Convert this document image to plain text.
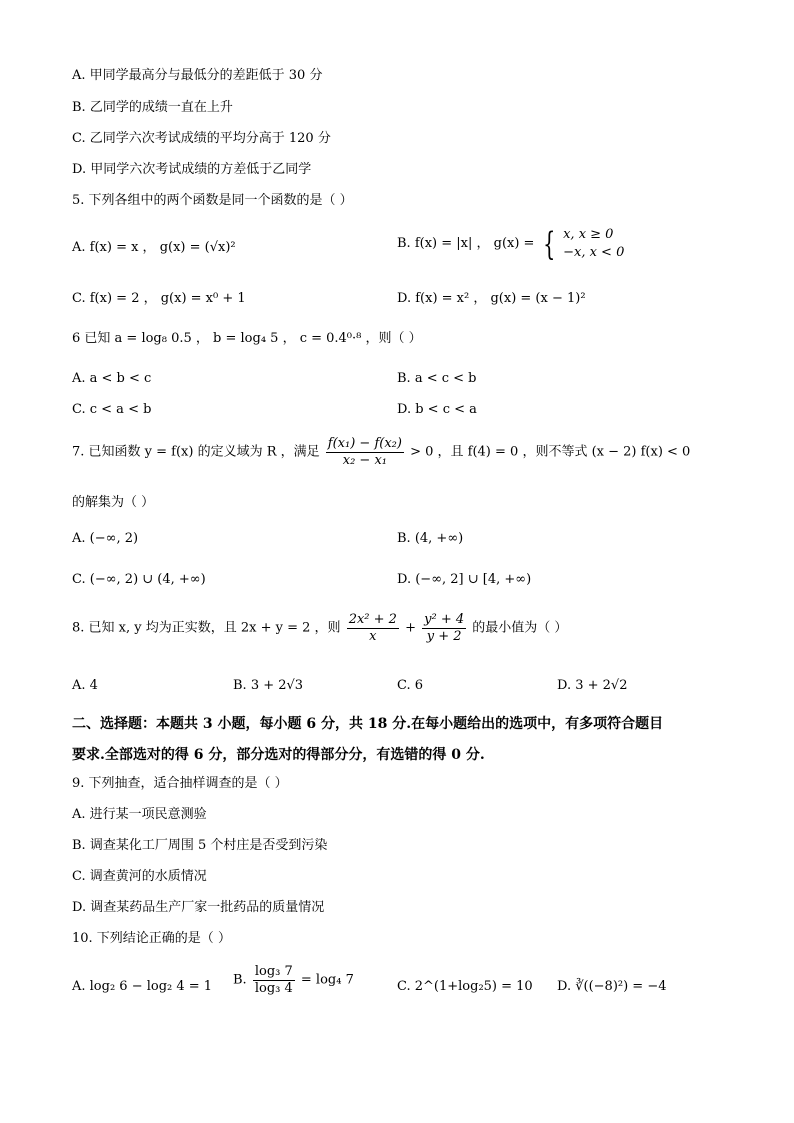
A. 甲同学最高分与最低分的差距低于 30 分
B. 乙同学的成绩一直在上升
C. 乙同学六次考试成绩的平均分高于 120 分
D. 甲同学六次考试成绩的方差低于乙同学
5. 下列各组中的两个函数是同一个函数的是（ ）
A. f(x) = x ， g(x) = (√x)²	B. f(x) = |x| ， g(x) = { x, x ≥ 0
−x, x < 0
C. f(x) = 2 ， g(x) = x⁰ + 1	D. f(x) = x² ， g(x) = (x − 1)²
6 已知 a = log₈ 0.5 ， b = log₄ 5 ， c = 0.4⁰·⁸ ，则（ ）
A. a < b < c	B. a < c < b
C. c < a < b	D. b < c < a
7. 已知函数 y = f(x) 的定义域为 R ，满足 $\frac{\text{f(x₁) − f(x₂)}}{\text{x₂ − x₁}} > 0$ ，且 f(4) = 0 ，则不等式 (x − 2) f(x) < 0
的解集为（ ）
A. (−∞, 2)	B. (4, +∞)
C. (−∞, 2) ∪ (4, +∞)	D. (−∞, 2] ∪ [4, +∞)
8. 已知 x, y 均为正实数，且 2x + y = 2 ，则 $\frac{\text{2x² + 2}}{x} + \frac{\text{y² + 4}}{y + 2}$ 的最小值为（ ）
A. 4	B. 3 + 2√3	C. 6	D. 3 + 2√2
二、选择题：本题共 3 小题，每小题 6 分，共 18 分.在每小题给出的选项中，有多项符合题目
要求.全部选对的得 6 分，部分选对的得部分分，有选错的得 0 分.
9. 下列抽查，适合抽样调查的是（ ）
A. 进行某一项民意测验
B. 调查某化工厂周围 5 个村庄是否受到污染
C. 调查黄河的水质情况
D. 调查某药品生产厂家一批药品的质量情况
10. 下列结论正确的是（ ）
A. log₂ 6 − log₂ 4 = 1 B. $\frac{\text{log₃ 7}}{\text{log₃ 4}} = \log_4$ 7	C. 2^(1+log₂5) = 10 D. ∛((−8)²) = −4
